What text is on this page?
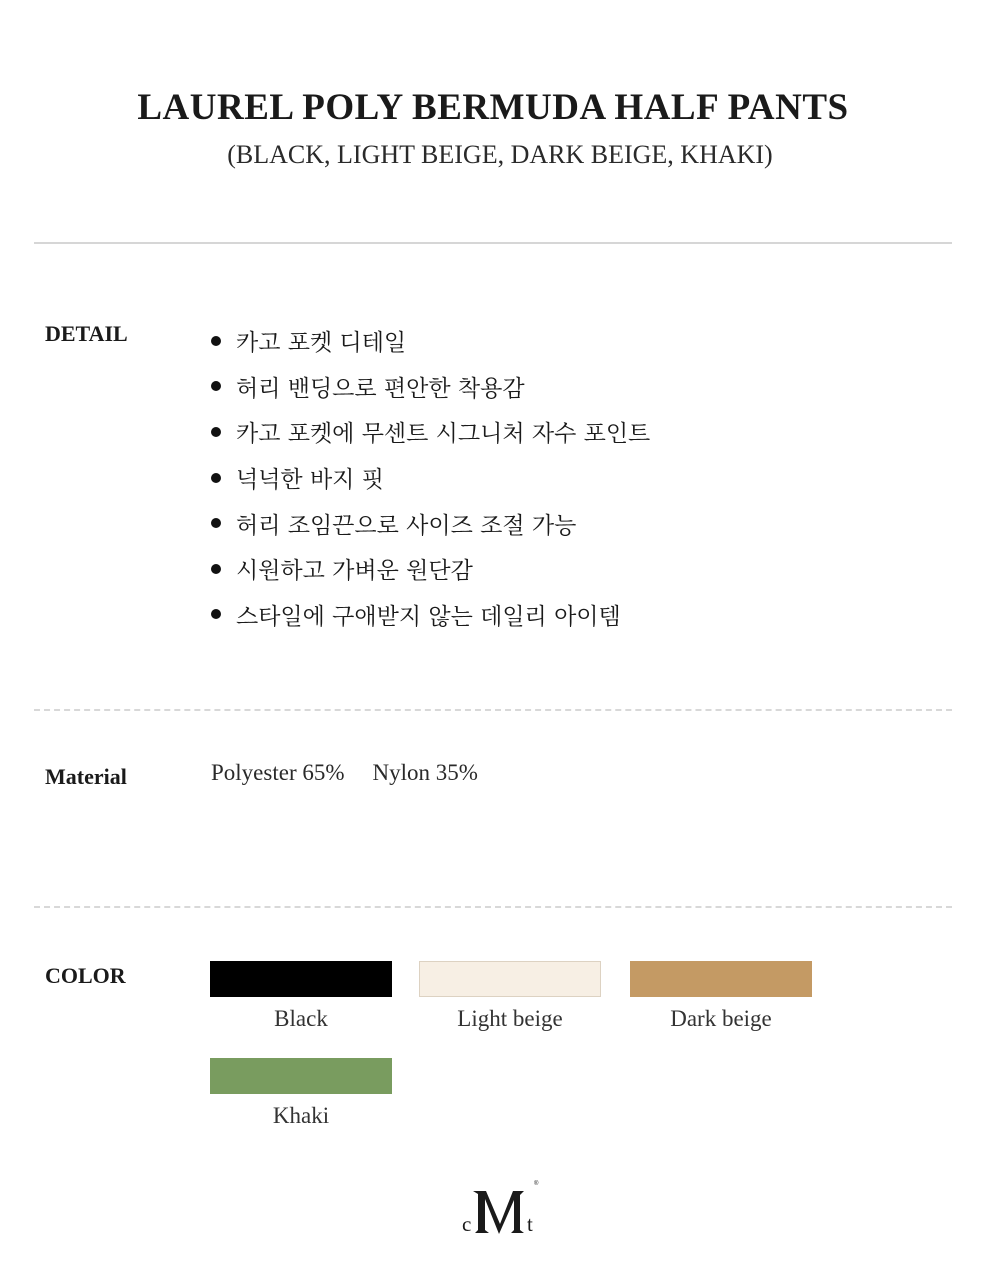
LAUREL POLY BERMUDA HALF PANTS
(BLACK, LIGHT BEIGE, DARK BEIGE, KHAKI)
DETAIL	카고 포켓 디테일
허리 밴딩으로 편안한 착용감
카고 포켓에 무센트 시그니처 자수 포인트
넉넉한 바지 핏
허리 조임끈으로 사이즈 조절 가능
시원하고 가벼운 원단감
스타일에 구애받지 않는 데일리 아이템
Material	Polyester 65% Nylon 35%
COLOR
Black	Light beige	Dark beige
Khaki
c	t
®
